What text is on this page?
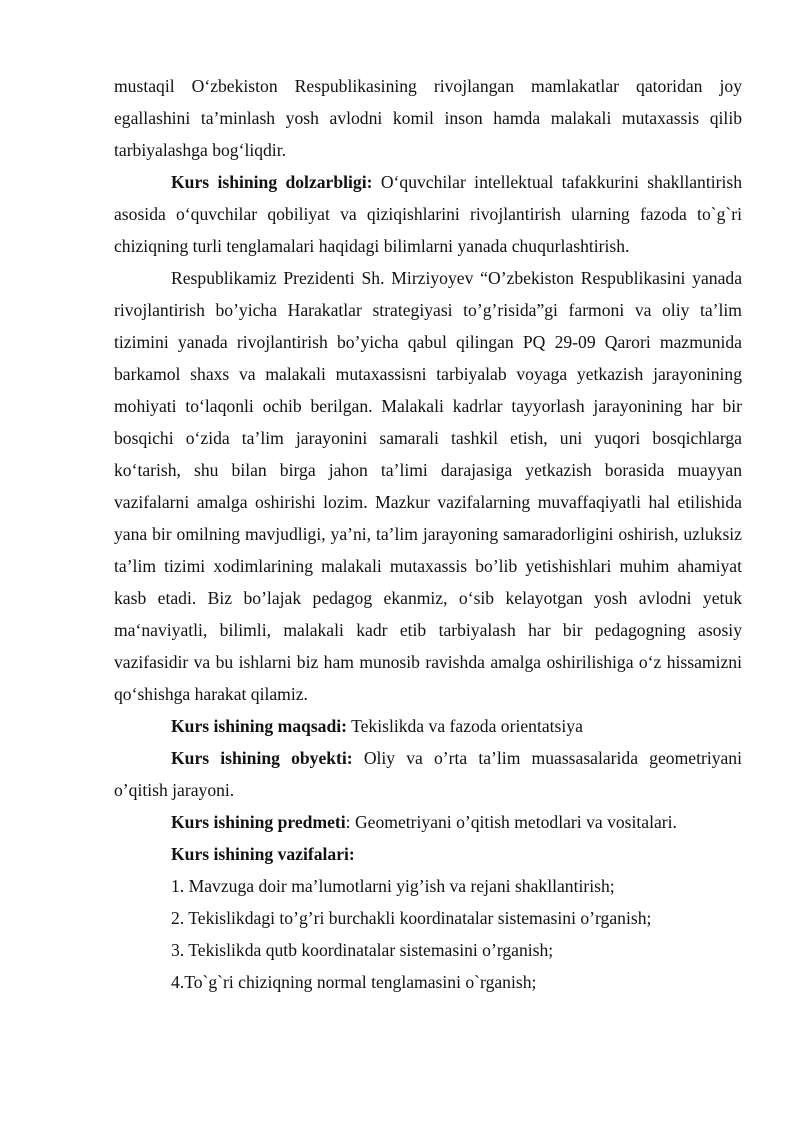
mustaqil O‘zbekiston Respublikasining rivojlangan mamlakatlar qatoridan joy egallashini ta’minlash yosh avlodni komil inson hamda malakali mutaxassis qilib tarbiyalashga bog‘liqdir.

Kurs ishining dolzarbligi: O‘quvchilar intellektual tafakkurini shakllantirish asosida o‘quvchilar qobiliyat va qiziqishlarini rivojlantirish ularning fazoda to`g`ri chiziqning turli tenglamalari haqidagi bilimlarni yanada chuqurlashtirish.

Respublikamiz Prezidenti Sh. Mirziyoyev “O’zbekiston Respublikasini yanada rivojlantirish bo’yicha Harakatlar strategiyasi to’g’risida”gi farmoni va oliy ta’lim tizimini yanada rivojlantirish bo’yicha qabul qilingan PQ 29-09 Qarori mazmunida barkamol shaxs va malakali mutaxassisni tarbiyalab voyaga yetkazish jarayonining mohiyati to‘laqonli ochib berilgan. Malakali kadrlar tayyorlash jarayonining har bir bosqichi o‘zida ta’lim jarayonini samarali tashkil etish, uni yuqori bosqichlarga ko‘tarish, shu bilan birga jahon ta’limi darajasiga yetkazish borasida muayyan vazifalarni amalga oshirishi lozim. Mazkur vazifalarning muvaffaqiyatli hal etilishida yana bir omilning mavjudligi, ya’ni, ta’lim jarayoning samaradorligini oshirish, uzluksiz ta’lim tizimi xodimlarining malakali mutaxassis bo’lib yetishishlari muhim ahamiyat kasb etadi. Biz bo’lajak pedagog ekanmiz, o‘sib kelayotgan yosh avlodni yetuk ma‘naviyatli, bilimli, malakali kadr etib tarbiyalash har bir pedagogning asosiy vazifasidir va bu ishlarni biz ham munosib ravishda amalga oshirilishiga o‘z hissamizni qo‘shishga harakat qilamiz.

Kurs ishining maqsadi: Tekislikda va fazoda orientatsiya

Kurs ishining obyekti: Oliy va o’rta ta’lim muassasalarida geometriyani o’qitish jarayoni.

Kurs ishining predmeti: Geometriyani o’qitish metodlari va vositalari.

Kurs ishining vazifalari:

1. Mavzuga doir ma’lumotlarni yig’ish va rejani shakllantirish;
2. Tekislikdagi to’g’ri burchakli koordinatalar sistemasini o’rganish;
3. Tekislikda qutb koordinatalar sistemasini o’rganish;
4.To`g`ri chiziqning normal tenglamasini o`rganish;
